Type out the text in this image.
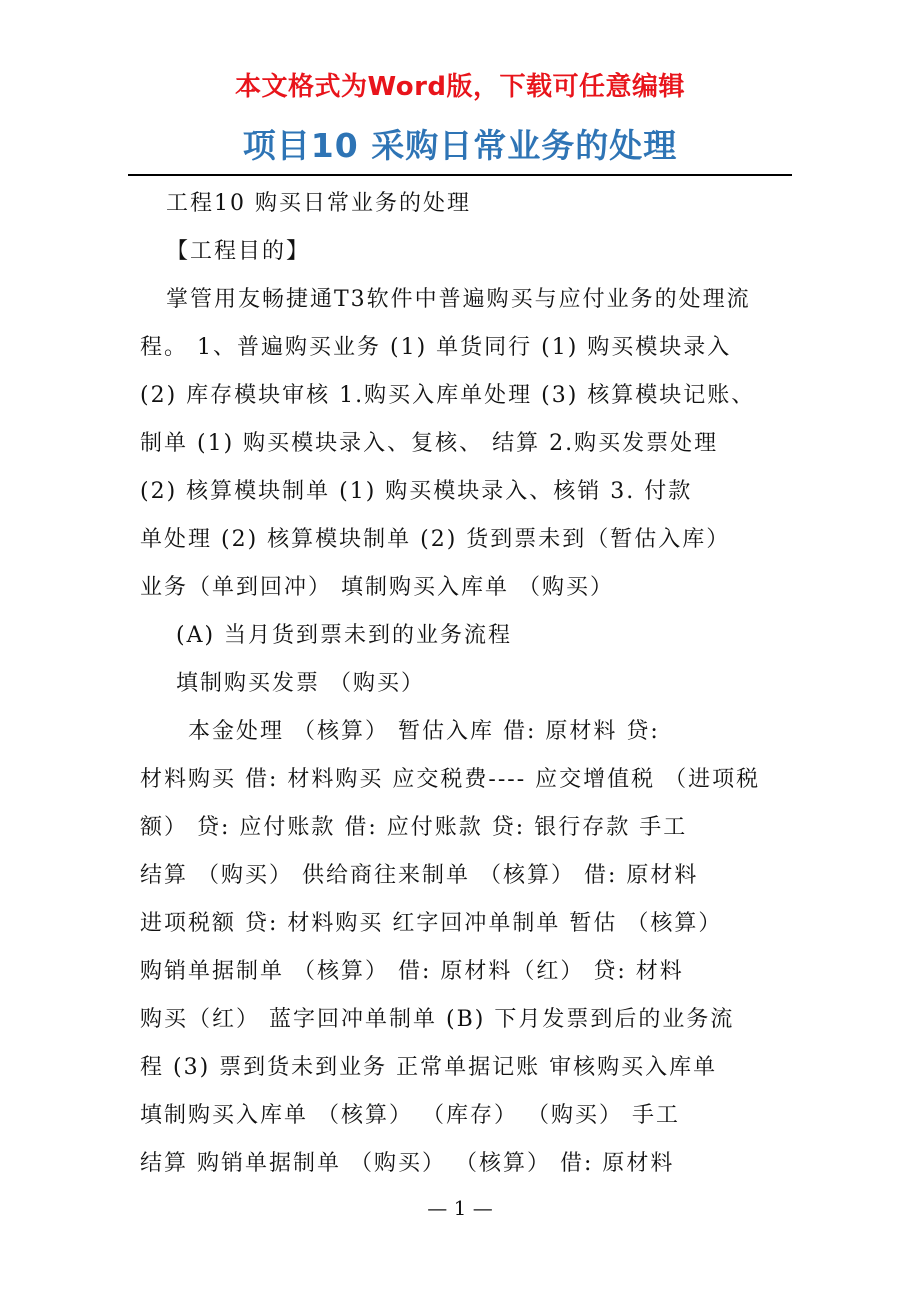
本文格式为Word版，下载可任意编辑
项目10 采购日常业务的处理
工程10 购买日常业务的处理
【工程目的】
掌管用友畅捷通T3软件中普遍购买与应付业务的处理流
程。 1、普遍购买业务 (1) 单货同行 (1) 购买模块录入
(2) 库存模块审核 1.购买入库单处理 (3) 核算模块记账、
制单 (1) 购买模块录入、复核、 结算 2.购买发票处理
(2) 核算模块制单 (1) 购买模块录入、核销 3. 付款
单处理 (2) 核算模块制单 (2) 货到票未到（暂估入库）
业务（单到回冲） 填制购买入库单 （购买）
(A) 当月货到票未到的业务流程
填制购买发票 （购买）
本金处理 （核算） 暂估入库 借: 原材料 贷:
材料购买 借: 材料购买 应交税费---- 应交增值税 （进项税
额） 贷: 应付账款 借: 应付账款 贷: 银行存款 手工
结算 （购买） 供给商往来制单 （核算） 借: 原材料
进项税额 贷: 材料购买 红字回冲单制单 暂估 （核算）
购销单据制单 （核算） 借: 原材料（红） 贷: 材料
购买（红） 蓝字回冲单制单 (B) 下月发票到后的业务流
程 (3) 票到货未到业务 正常单据记账 审核购买入库单
填制购买入库单 （核算） （库存） （购买） 手工
结算 购销单据制单 （购买） （核算） 借: 原材料
— 1 —
